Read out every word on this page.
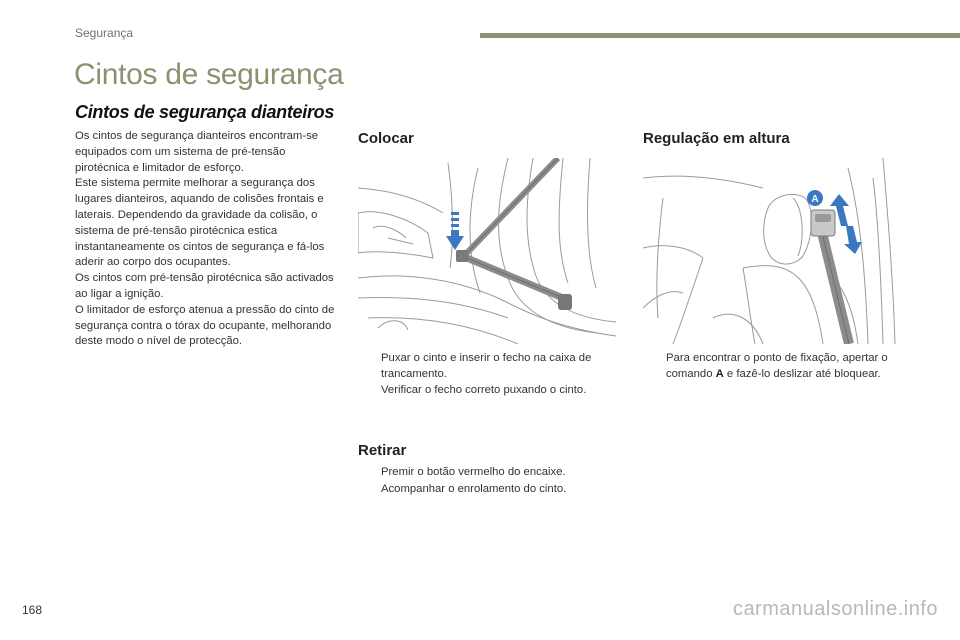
Segurança
Cintos de segurança
Cintos de segurança dianteiros

Os cintos de segurança dianteiros encontram-se equipados com um sistema de pré-tensão pirotécnica e limitador de esforço.

Este sistema permite melhorar a segurança dos lugares dianteiros, aquando de colisões frontais e laterais. Dependendo da gravidade da colisão, o sistema de pré-tensão pirotécnica estica instantaneamente os cintos de segurança e fá-los aderir ao corpo dos ocupantes.

Os cintos com pré-tensão pirotécnica são activados ao ligar a ignição.

O limitador de esforço atenua a pressão do cinto de segurança contra o tórax do ocupante, melhorando deste modo o nível de protecção.

Colocar
Puxar o cinto e inserir o fecho na caixa de trancamento.
Verificar o fecho correto puxando o cinto.
Retirar
Premir o botão vermelho do encaixe.
Acompanhar o enrolamento do cinto.
Regulação em altura
A
Para encontrar o ponto de fixação, apertar o comando A e fazê-lo deslizar até bloquear.
168	carmanualsonline.info
